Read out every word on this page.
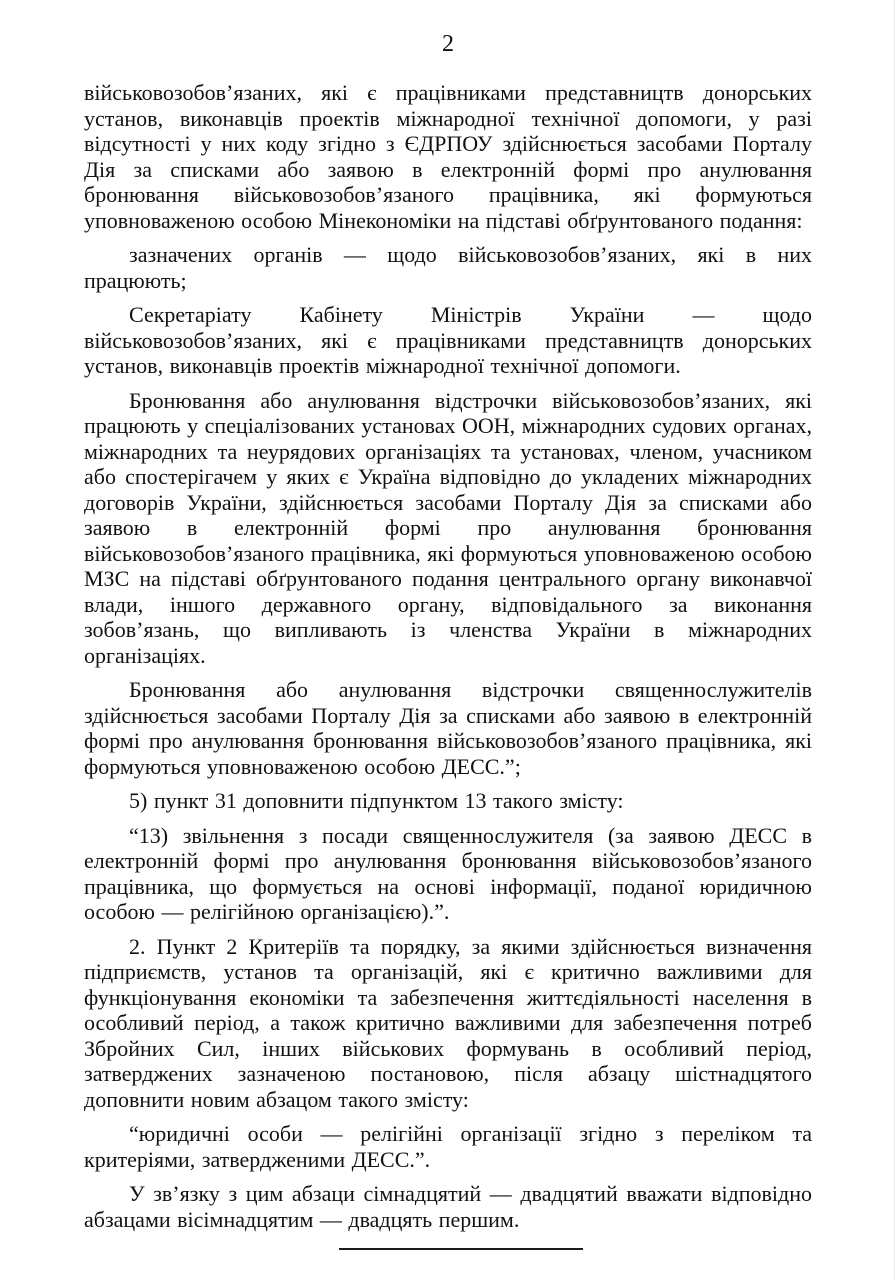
2

військовозобов’язаних, які є працівниками представництв донорських установ, виконавців проектів міжнародної технічної допомоги, у разі відсутності у них коду згідно з ЄДРПОУ здійснюється засобами Порталу Дія за списками або заявою в електронній формі про анулювання бронювання військовозобов’язаного працівника, які формуються уповноваженою особою Мінекономіки на підставі обґрунтованого подання:

зазначених органів — щодо військовозобов’язаних, які в них працюють;

Секретаріату Кабінету Міністрів України — щодо військовозобов’язаних, які є працівниками представництв донорських установ, виконавців проектів міжнародної технічної допомоги.

Бронювання або анулювання відстрочки військовозобов’язаних, які працюють у спеціалізованих установах ООН, міжнародних судових органах, міжнародних та неурядових організаціях та установах, членом, учасником або спостерігачем у яких є Україна відповідно до укладених міжнародних договорів України, здійснюється засобами Порталу Дія за списками або заявою в електронній формі про анулювання бронювання військовозобов’язаного працівника, які формуються уповноваженою особою МЗС на підставі обґрунтованого подання центрального органу виконавчої влади, іншого державного органу, відповідального за виконання зобов’язань, що випливають із членства України в міжнародних організаціях.

Бронювання або анулювання відстрочки священнослужителів здійснюється засобами Порталу Дія за списками або заявою в електронній формі про анулювання бронювання військовозобов’язаного працівника, які формуються уповноваженою особою ДЕСС.”;

5) пункт 31 доповнити підпунктом 13 такого змісту:

“13) звільнення з посади священнослужителя (за заявою ДЕСС в електронній формі про анулювання бронювання військовозобов’язаного працівника, що формується на основі інформації, поданої юридичною особою — релігійною організацією).”.

2. Пункт 2 Критеріїв та порядку, за якими здійснюється визначення підприємств, установ та організацій, які є критично важливими для функціонування економіки та забезпечення життєдіяльності населення в особливий період, а також критично важливими для забезпечення потреб Збройних Сил, інших військових формувань в особливий період, затверджених зазначеною постановою, після абзацу шістнадцятого доповнити новим абзацом такого змісту:

“юридичні особи — релігійні організації згідно з переліком та критеріями, затвердженими ДЕСС.”.

У зв’язку з цим абзаци сімнадцятий — двадцятий вважати відповідно абзацами вісімнадцятим — двадцять першим.
